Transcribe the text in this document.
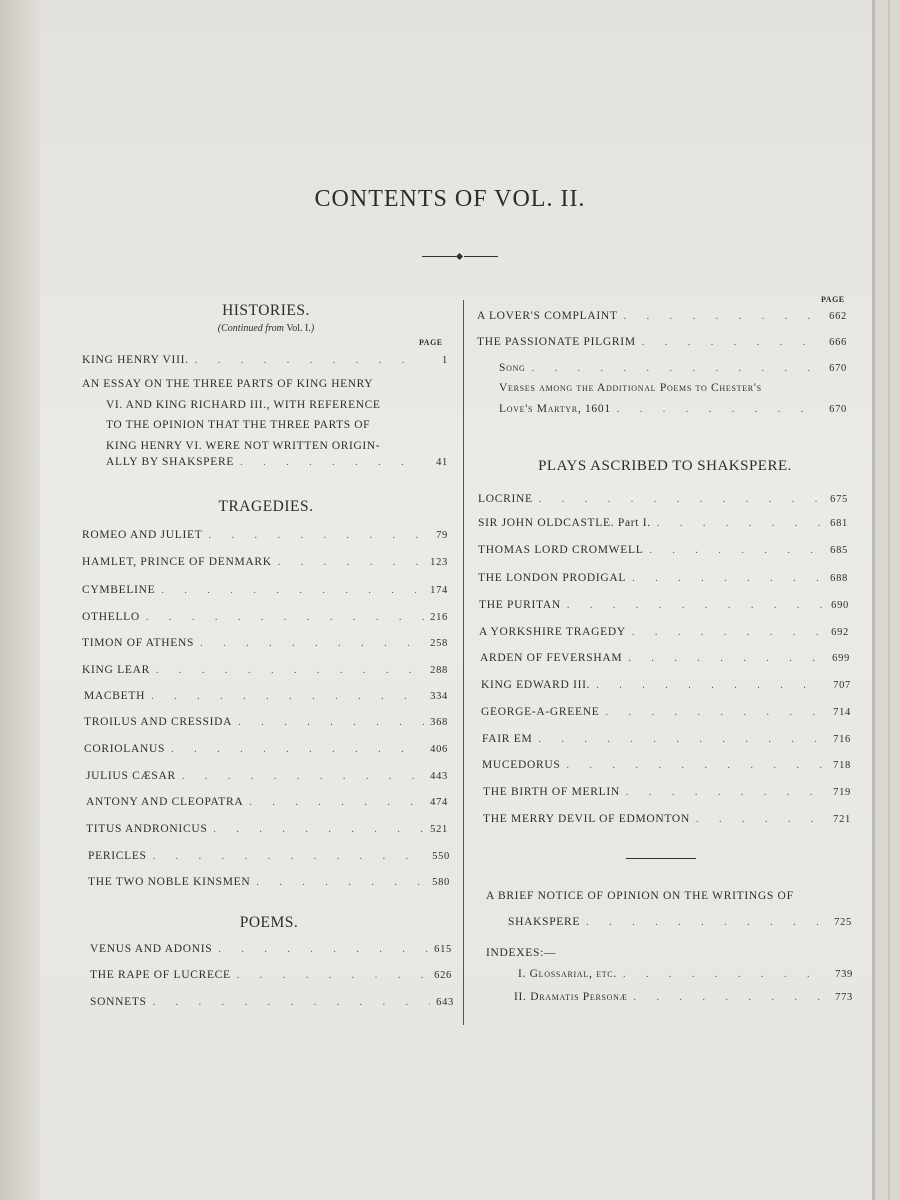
CONTENTS OF VOL. II.
HISTORIES.
(Continued from Vol. I.)
PAGE
KING HENRY VIII. . . .	1
AN ESSAY ON THE THREE PARTS OF KING HENRY
VI. AND KING RICHARD III., WITH REFERENCE
TO THE OPINION THAT THE THREE PARTS OF
KING HENRY VI. WERE NOT WRITTEN ORIGIN-
ALLY BY SHAKSPERE . . .	41
TRAGEDIES.
ROMEO AND JULIET . . .	79
HAMLET, PRINCE OF DENMARK . . .	123
CYMBELINE . . .	174
OTHELLO . . .	216
TIMON OF ATHENS . . .	258
KING LEAR . . .	288
MACBETH . . .	334
TROILUS AND CRESSIDA . . .	368
CORIOLANUS . . .	406
JULIUS CÆSAR . . .	443
ANTONY AND CLEOPATRA . . .	474
TITUS ANDRONICUS . . .	521
PERICLES . . .	550
THE TWO NOBLE KINSMEN . . .	580
POEMS.
VENUS AND ADONIS . . .	615
THE RAPE OF LUCRECE . . .	626
SONNETS . . .	643
PAGE
A LOVER'S COMPLAINT . . .	662
THE PASSIONATE PILGRIM . . .	666
Song . . .	670
Verses among the Additional Poems to Chester's
Love's Martyr, 1601 . . .	670
PLAYS ASCRIBED TO SHAKSPERE.
LOCRINE . . .	675
SIR JOHN OLDCASTLE. Part I. . . .	681
THOMAS LORD CROMWELL . . .	685
THE LONDON PRODIGAL . . .	688
THE PURITAN . . .	690
A YORKSHIRE TRAGEDY . . .	692
ARDEN OF FEVERSHAM . . .	699
KING EDWARD III. . . .	707
GEORGE-A-GREENE . . .	714
FAIR EM . . .	716
MUCEDORUS . . .	718
THE BIRTH OF MERLIN . . .	719
THE MERRY DEVIL OF EDMONTON . . .	721
A BRIEF NOTICE OF OPINION ON THE WRITINGS OF
SHAKSPERE . . .	725
INDEXES:—
I. Glossarial, etc. . . .	739
II. Dramatis Personæ . . .	773
